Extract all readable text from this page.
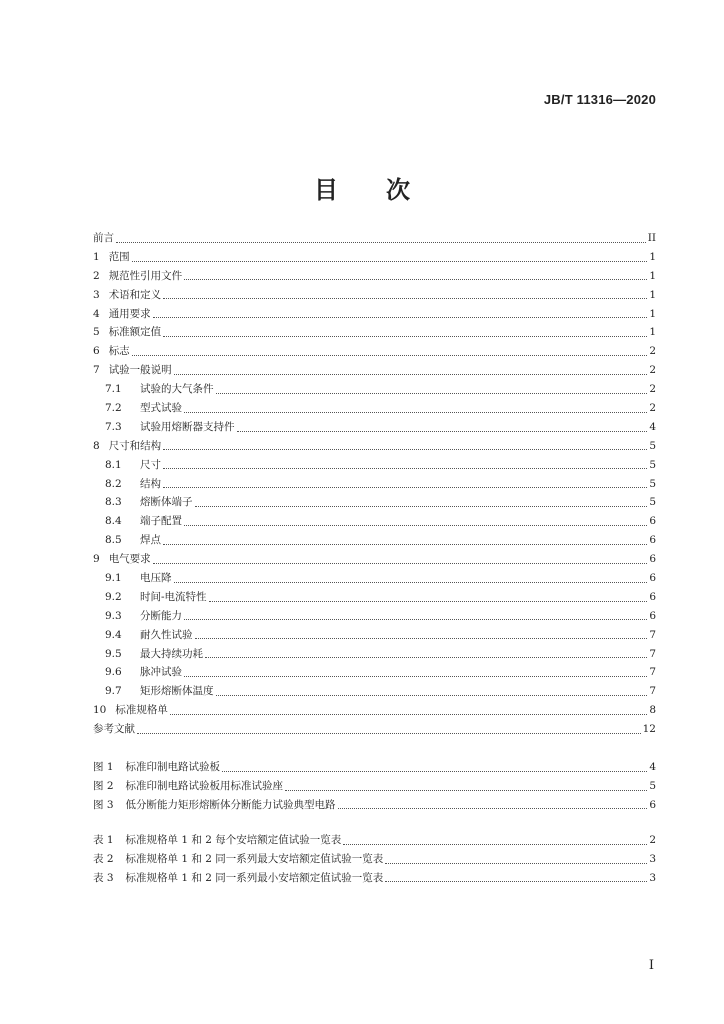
JB/T 11316—2020
目　　次
前言	II
1 范围	1
2 规范性引用文件	1
3 术语和定义	1
4 通用要求	1
5 标准额定值	1
6 标志	2
7 试验一般说明	2
7.1	试验的大气条件	2
7.2	型式试验	2
7.3	试验用熔断器支持件	4
8 尺寸和结构	5
8.1	尺寸	5
8.2	结构	5
8.3	熔断体端子	5
8.4	端子配置	6
8.5	焊点	6
9 电气要求	6
9.1	电压降	6
9.2	时间-电流特性	6
9.3	分断能力	6
9.4	耐久性试验	7
9.5	最大持续功耗	7
9.6	脉冲试验	7
9.7	矩形熔断体温度	7
10 标准规格单	8
参考文献	12
图 1 标准印制电路试验板	4
图 2 标准印制电路试验板用标准试验座	5
图 3 低分断能力矩形熔断体分断能力试验典型电路	6
表 1 标准规格单 1 和 2 每个安培额定值试验一览表	2
表 2 标准规格单 1 和 2 同一系列最大安培额定值试验一览表	3
表 3 标准规格单 1 和 2 同一系列最小安培额定值试验一览表	3
I
